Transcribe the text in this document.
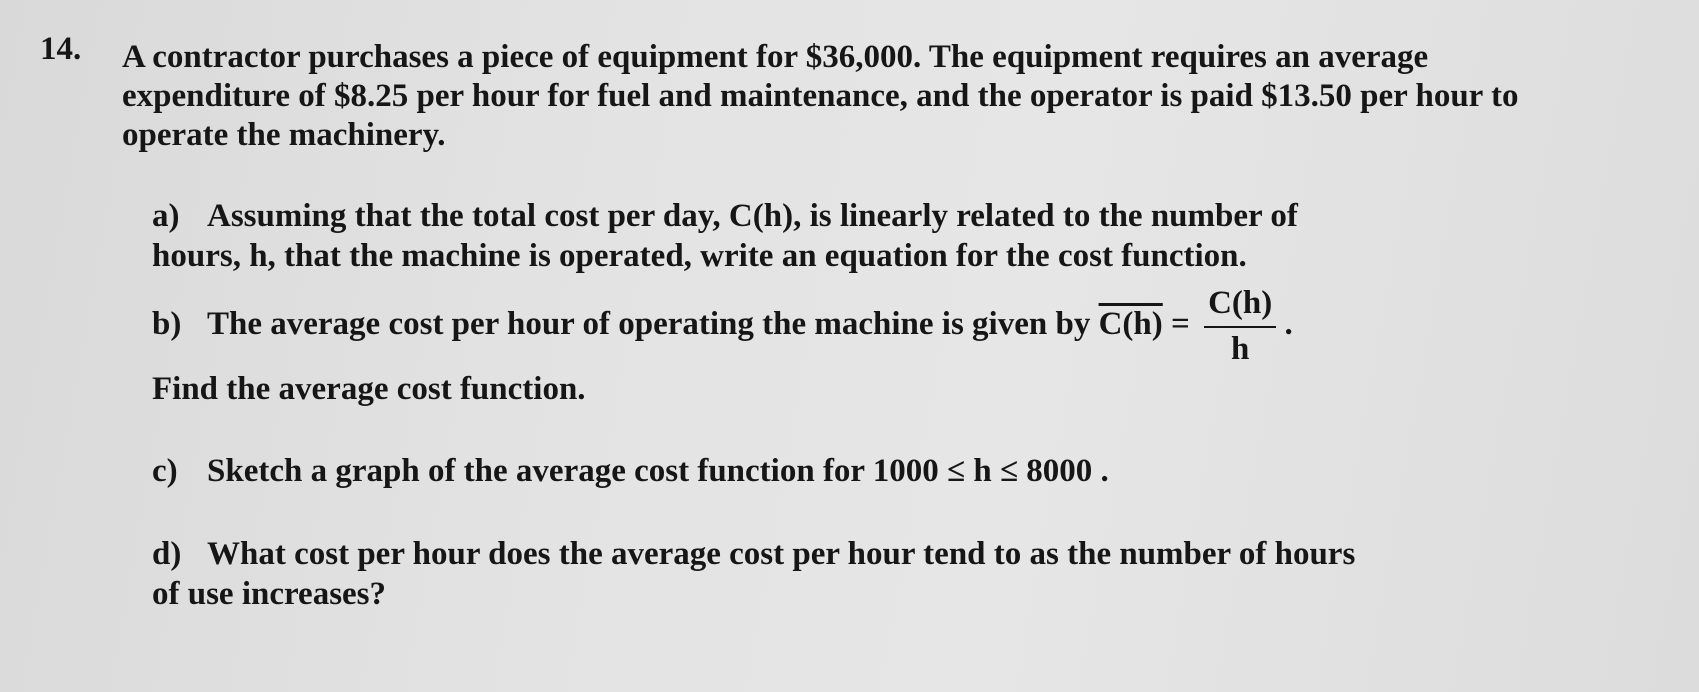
14. A contractor purchases a piece of equipment for $36,000. The equipment requires an average expenditure of $8.25 per hour for fuel and maintenance, and the operator is paid $13.50 per hour to operate the machinery.
a) Assuming that the total cost per day, C(h), is linearly related to the number of
hours, h, that the machine is operated, write an equation for the cost function.
b) The average cost per hour of operating the machine is given by $C(h) = \frac{C(h)}{h}$ .
Find the average cost function.
c) Sketch a graph of the average cost function for 1000 ≤ h ≤ 8000 .
d) What cost per hour does the average cost per hour tend to as the number of hours
of use increases?
